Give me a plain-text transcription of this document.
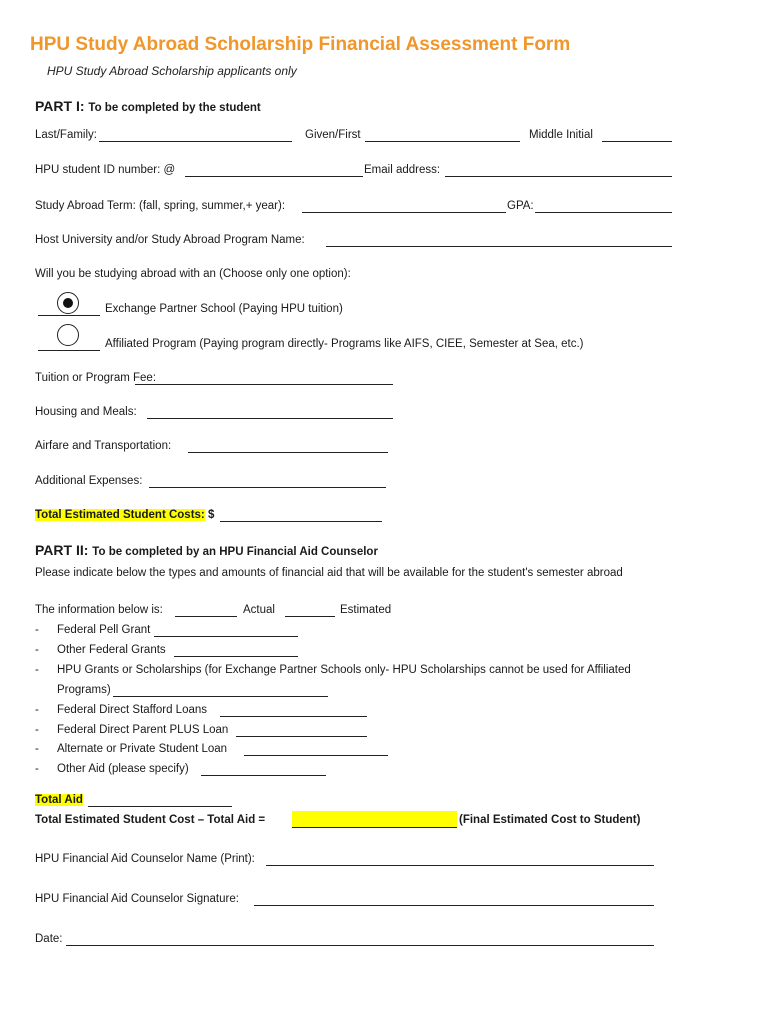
HPU Study Abroad Scholarship Financial Assessment Form
HPU Study Abroad Scholarship applicants only
PART I: To be completed by the student
Last/Family:	Given/First	Middle Initial
HPU student ID number: @	Email address:
Study Abroad Term: (fall, spring, summer,+ year):	GPA:
Host University and/or Study Abroad Program Name:
Will you be studying abroad with an (Choose only one option):
Exchange Partner School (Paying HPU tuition)
Affiliated Program (Paying program directly- Programs like AIFS, CIEE, Semester at Sea, etc.)
Tuition or Program Fee:
Housing and Meals:
Airfare and Transportation:
Additional Expenses:
Total Estimated Student Costs: $
PART II: To be completed by an HPU Financial Aid Counselor
Please indicate below the types and amounts of financial aid that will be available for the student's semester abroad
The information below is:	Actual	Estimated
- Federal Pell Grant
- Other Federal Grants
- HPU Grants or Scholarships (for Exchange Partner Schools only- HPU Scholarships cannot be used for Affiliated
Programs)
- Federal Direct Stafford Loans
- Federal Direct Parent PLUS Loan
- Alternate or Private Student Loan
- Other Aid (please specify)
Total Aid
Total Estimated Student Cost – Total Aid =	(Final Estimated Cost to Student)
HPU Financial Aid Counselor Name (Print):
HPU Financial Aid Counselor Signature:
Date:
